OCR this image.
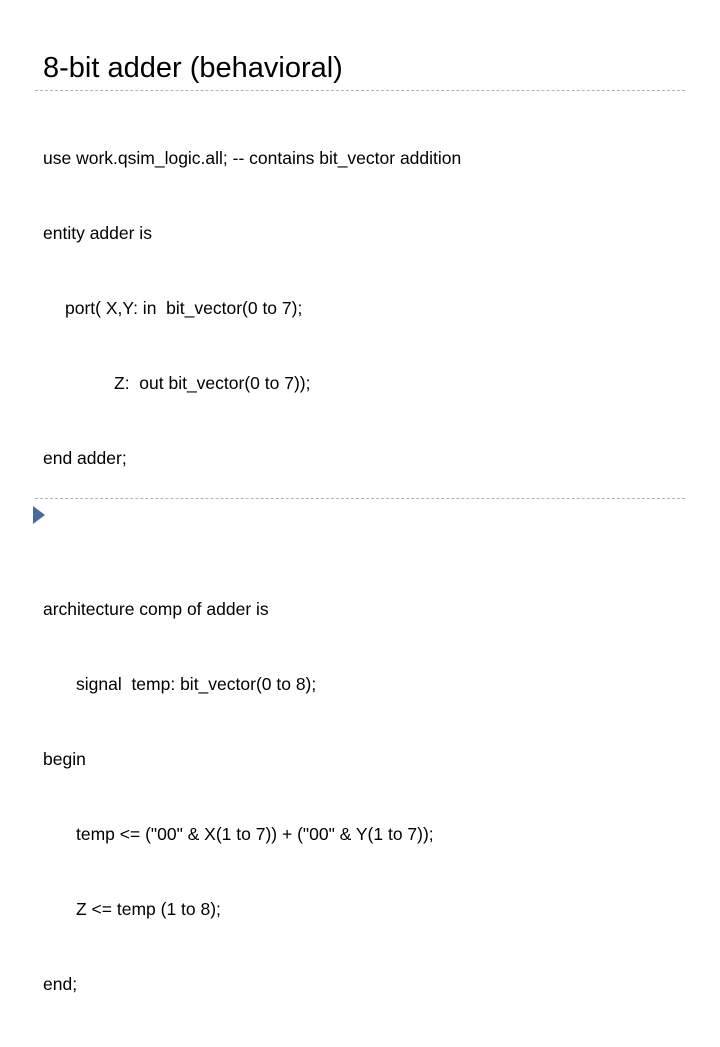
8-bit adder (behavioral)

use work.qsim_logic.all; -- contains bit_vector addition

entity adder is

port( X,Y: in  bit_vector(0 to 7);

Z:  out bit_vector(0 to 7));

end adder;

architecture comp of adder is

signal  temp: bit_vector(0 to 8);

begin

temp <= ("00" & X(1 to 7)) + ("00" & Y(1 to 7));

Z <= temp (1 to 8);

end;
